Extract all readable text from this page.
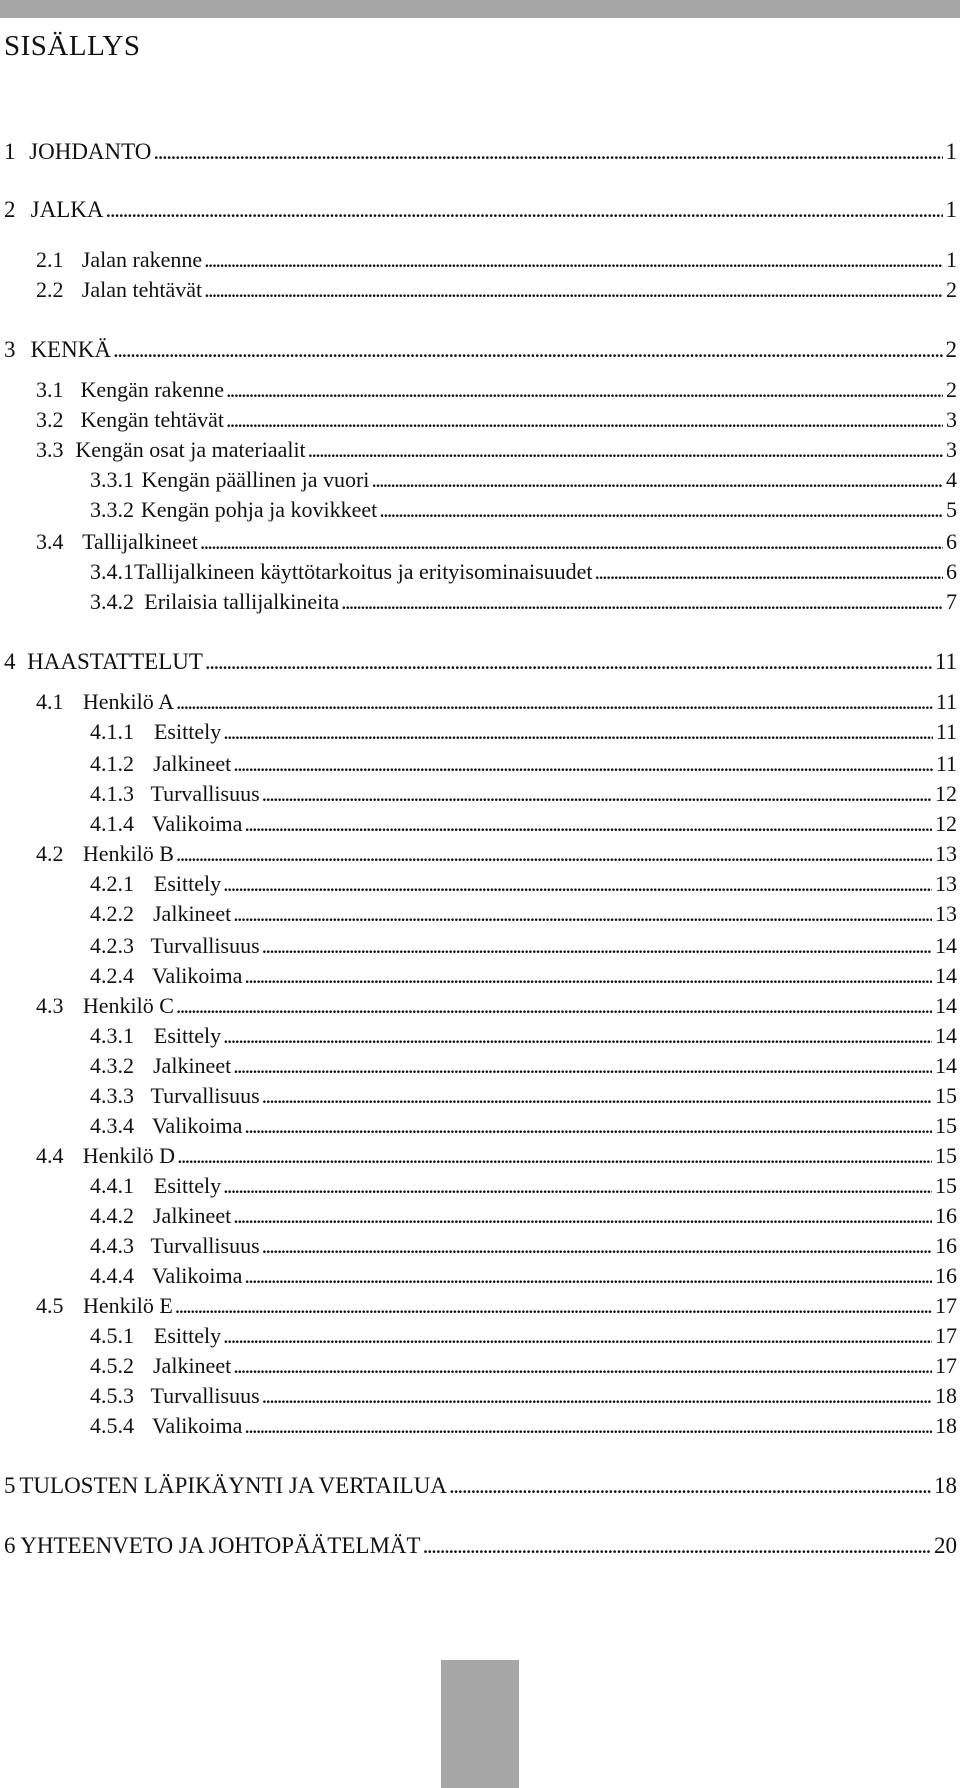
SISÄLLYS
1 JOHDANTO . . .	1
2 JALKA . . .	1
2.1 Jalan rakenne . . .	1
2.2 Jalan tehtävät . . .	2
3 KENKÄ . . .	2
3.1 Kengän rakenne . . .	2
3.2 Kengän tehtävät . . .	3
3.3 Kengän osat ja materiaalit . . .	3
3.3.1 Kengän päällinen ja vuori . . .	4
3.3.2 Kengän pohja ja kovikkeet . . .	5
3.4 Tallijalkineet . . .	6
3.4.1 Tallijalkineen käyttötarkoitus ja erityisominaisuudet . . .	6
3.4.2 Erilaisia tallijalkineita . . .	7
4 HAASTATTELUT . . .	11
4.1 Henkilö A . . .	11
4.1.1 Esittely . . .	11
4.1.2 Jalkineet . . .	11
4.1.3 Turvallisuus . . .	12
4.1.4 Valikoima . . .	12
4.2 Henkilö B . . .	13
4.2.1 Esittely . . .	13
4.2.2 Jalkineet . . .	13
4.2.3 Turvallisuus . . .	14
4.2.4 Valikoima . . .	14
4.3 Henkilö C . . .	14
4.3.1 Esittely . . .	14
4.3.2 Jalkineet . . .	14
4.3.3 Turvallisuus . . .	15
4.3.4 Valikoima . . .	15
4.4 Henkilö D . . .	15
4.4.1 Esittely . . .	15
4.4.2 Jalkineet . . .	16
4.4.3 Turvallisuus . . .	16
4.4.4 Valikoima . . .	16
4.5 Henkilö E . . .	17
4.5.1 Esittely . . .	17
4.5.2 Jalkineet . . .	17
4.5.3 Turvallisuus . . .	18
4.5.4 Valikoima . . .	18
5 TULOSTEN LÄPIKÄYNTI JA VERTAILUA . . .	18
6 YHTEENVETO JA JOHTOPÄÄTELMÄT . . .	20
